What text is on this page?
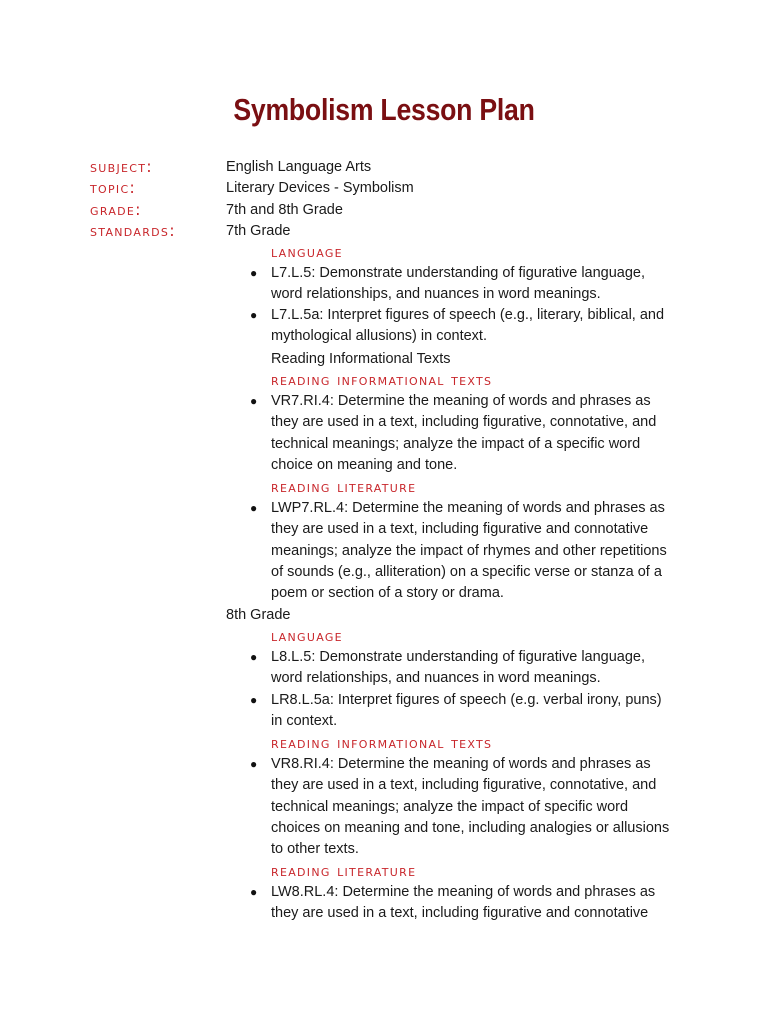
Symbolism Lesson Plan
subject:	English Language Arts
topic:	Literary Devices - Symbolism
grade:	7th and 8th Grade
standards:	7th Grade
language
● L7.L.5: Demonstrate understanding of figurative language, word relationships, and nuances in word meanings.
● L7.L.5a: Interpret figures of speech (e.g., literary, biblical, and mythological allusions) in context.
Reading Informational Texts
reading informational texts
● VR7.RI.4: Determine the meaning of words and phrases as they are used in a text, including figurative, connotative, and technical meanings; analyze the impact of a specific word choice on meaning and tone.
reading literature
● LWP7.RL.4: Determine the meaning of words and phrases as they are used in a text, including figurative and connotative meanings; analyze the impact of rhymes and other repetitions of sounds (e.g., alliteration) on a specific verse or stanza of a poem or section of a story or drama.
8th Grade
language
● L8.L.5: Demonstrate understanding of figurative language, word relationships, and nuances in word meanings.
● LR8.L.5a: Interpret figures of speech (e.g. verbal irony, puns) in context.
reading informational texts
● VR8.RI.4: Determine the meaning of words and phrases as they are used in a text, including figurative, connotative, and technical meanings; analyze the impact of specific word choices on meaning and tone, including analogies or allusions to other texts.
reading literature
● LW8.RL.4: Determine the meaning of words and phrases as they are used in a text, including figurative and connotative
